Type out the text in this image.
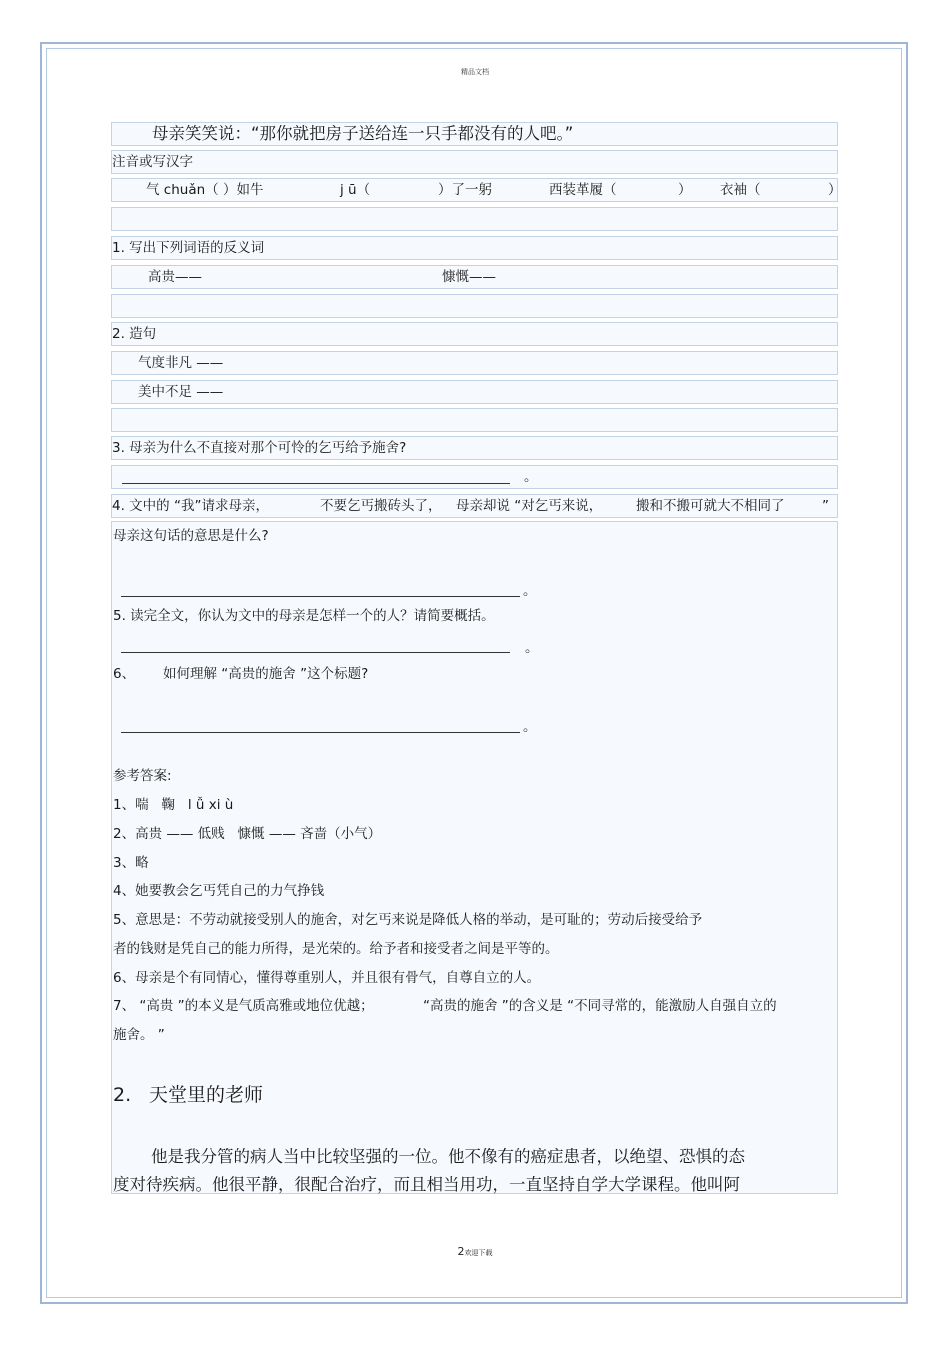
精品文档
母亲笑笑说：“那你就把房子送给连一只手都没有的人吧。”
注音或写汉字
气 chuǎn（ ）如牛	j ū（	）了一躬	西装革履（	） 衣袖（	）
1. 写出下列词语的反义词
高贵——	慷慨——
2. 造句
气度非凡 ——
美中不足 ——
3. 母亲为什么不直接对那个可怜的乞丐给予施舍?
。
4. 文中的 “我”请求母亲，	不要乞丐搬砖头了， 母亲却说 “对乞丐来说， 搬和不搬可就大不相同了	”
母亲这句话的意思是什么?
。
5. 读完全文，你认为文中的母亲是怎样一个的人？请简要概括。
。
6、 如何理解 “高贵的施舍 ”这个标题?
。
参考答案:
1、喘   鞠   l ǚ xi ù
2、高贵 —— 低贱   慷慨 —— 吝啬（小气）
3、略
4、她要教会乞丐凭自己的力气挣钱
5、意思是：不劳动就接受别人的施舍，对乞丐来说是降低人格的举动，是可耻的；劳动后接受给予
者的钱财是凭自己的能力所得，是光荣的。给予者和接受者之间是平等的。
6、母亲是个有同情心，懂得尊重别人，并且很有骨气，自尊自立的人。
7、 “高贵 ”的本义是气质高雅或地位优越；	“高贵的施舍 ”的含义是 “不同寻常的，能激励人自强自立的
施舍。 ”
2. 天堂里的老师
他是我分管的病人当中比较坚强的一位。他不像有的癌症患者，以绝望、恐惧的态
度对待疾病。他很平静，很配合治疗，而且相当用功，一直坚持自学大学课程。他叫阿
2欢迎下载
